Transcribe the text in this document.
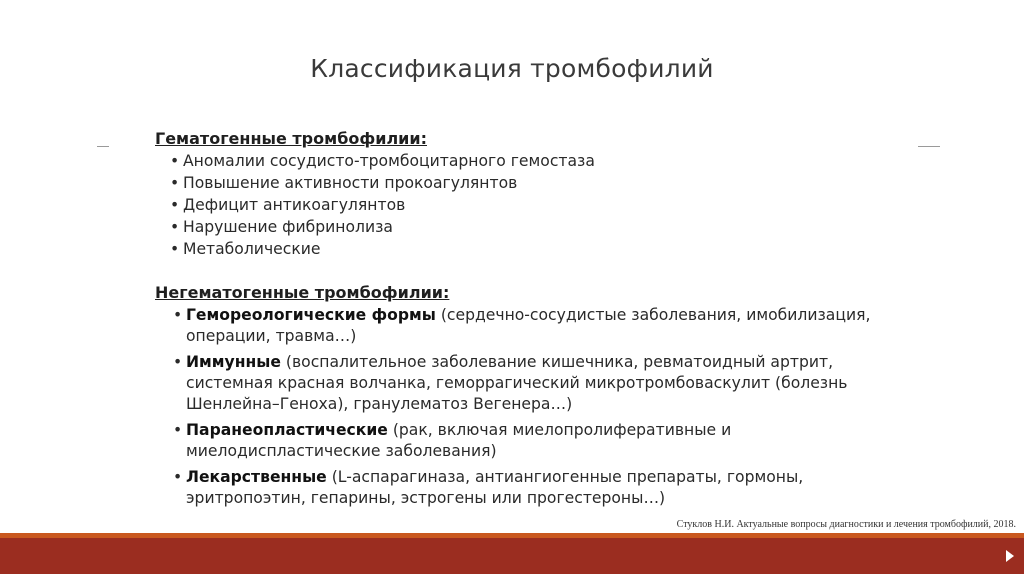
Классификация тромбофилий
Гематогенные тромбофилии:
• Аномалии сосудисто-тромбоцитарного гемостаза
• Повышение активности прокоагулянтов
• Дефицит антикоагулянтов
• Нарушение фибринолиза
• Метаболические
Негематогенные тромбофилии:
• Гемореологические формы (сердечно-сосудистые заболевания, имобилизация, операции, травма…)
• Иммунные (воспалительное заболевание кишечника, ревматоидный артрит, системная красная волчанка, геморрагический микротромбоваскулит (болезнь Шенлейна–Геноха), гранулематоз Вегенера…)
• Паранеопластические (рак, включая миелопролиферативные и миелодиспластические заболевания)
• Лекарственные (L-аспарагиназа, антиангиогенные препараты, гормоны, эритропоэтин, гепарины, эстрогены или прогестероны…)
Стуклов Н.И. Актуальные вопросы диагностики и лечения тромбофилий, 2018.
